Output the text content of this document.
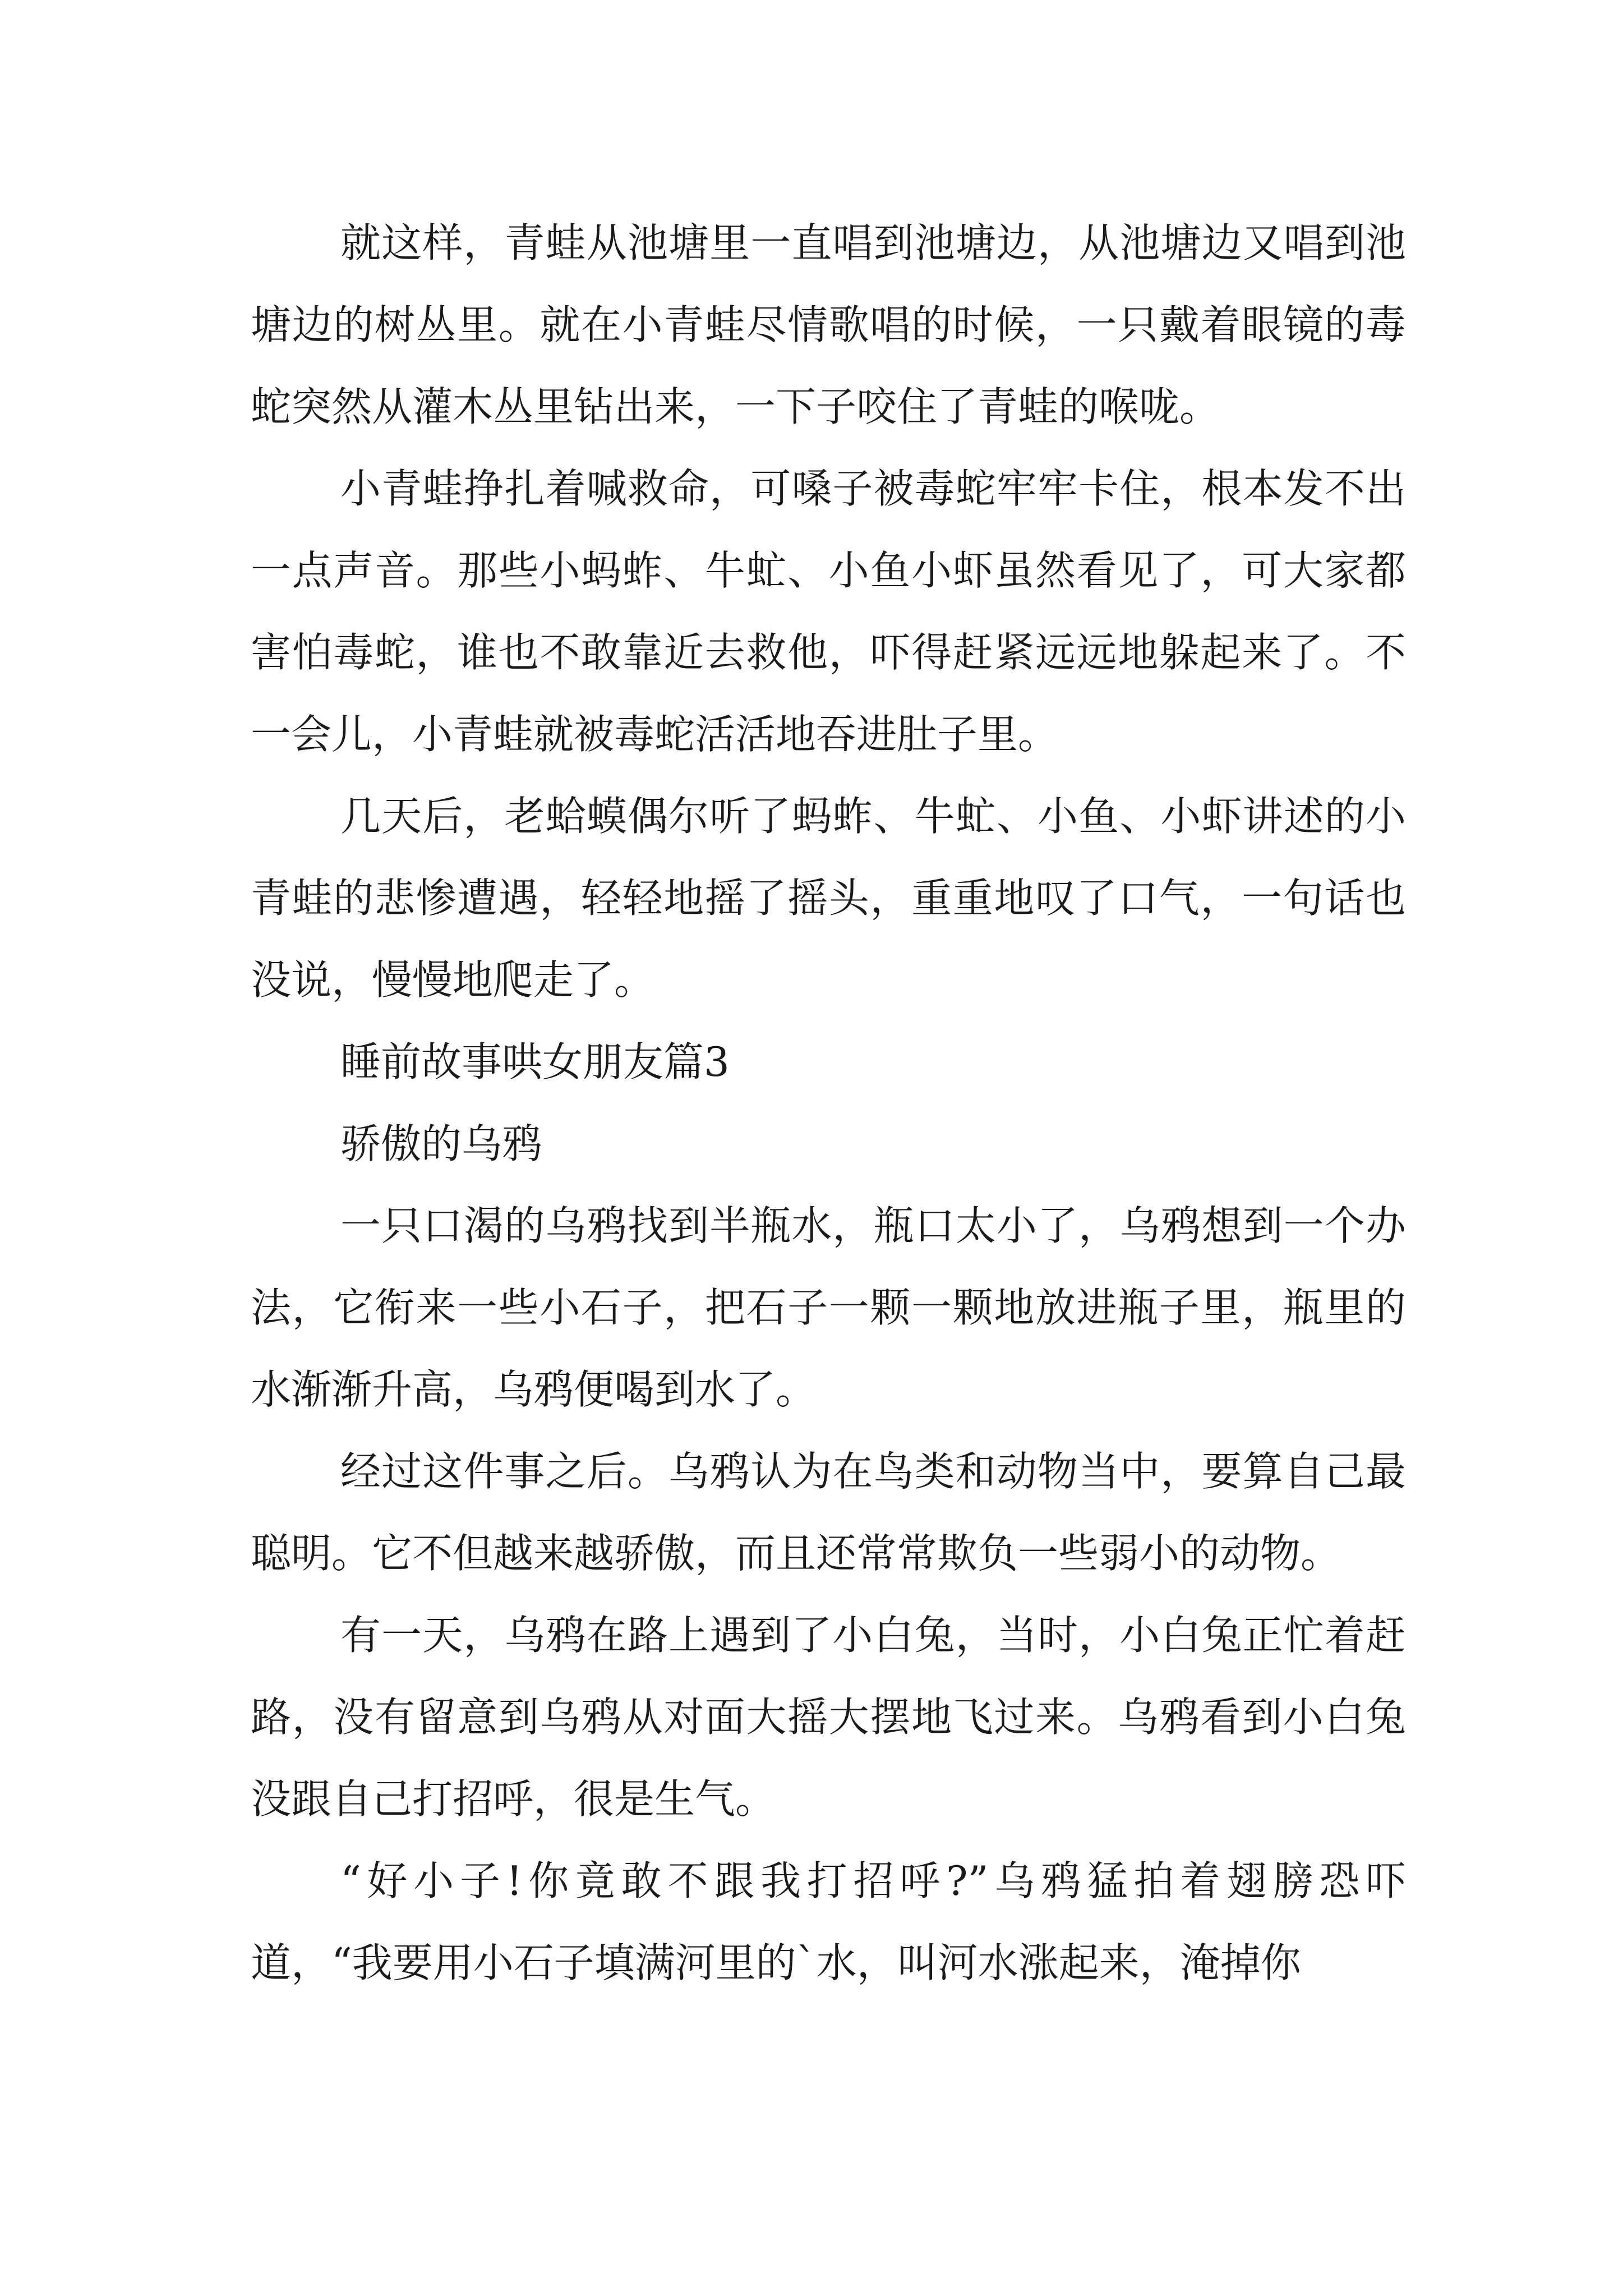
就这样，青蛙从池塘里一直唱到池塘边，从池塘边又唱到池塘边的树丛里。就在小青蛙尽情歌唱的时候，一只戴着眼镜的毒蛇突然从灌木丛里钻出来，一下子咬住了青蛙的喉咙。

小青蛙挣扎着喊救命，可嗓子被毒蛇牢牢卡住，根本发不出一点声音。那些小蚂蚱、牛虻、小鱼小虾虽然看见了，可大家都害怕毒蛇，谁也不敢靠近去救他，吓得赶紧远远地躲起来了。不一会儿，小青蛙就被毒蛇活活地吞进肚子里。

几天后，老蛤蟆偶尔听了蚂蚱、牛虻、小鱼、小虾讲述的小青蛙的悲惨遭遇，轻轻地摇了摇头，重重地叹了口气，一句话也没说，慢慢地爬走了。

睡前故事哄女朋友篇3

骄傲的乌鸦

一只口渴的乌鸦找到半瓶水，瓶口太小了，乌鸦想到一个办法，它衔来一些小石子，把石子一颗一颗地放进瓶子里，瓶里的水渐渐升高，乌鸦便喝到水了。

经过这件事之后。乌鸦认为在鸟类和动物当中，要算自己最聪明。它不但越来越骄傲，而且还常常欺负一些弱小的动物。

有一天，乌鸦在路上遇到了小白兔，当时，小白兔正忙着赶路，没有留意到乌鸦从对面大摇大摆地飞过来。乌鸦看到小白兔没跟自己打招呼，很是生气。

“好小子!你竟敢不跟我打招呼?”乌鸦猛拍着翅膀恐吓道，“我要用小石子填满河里的`水，叫河水涨起来，淹掉你
